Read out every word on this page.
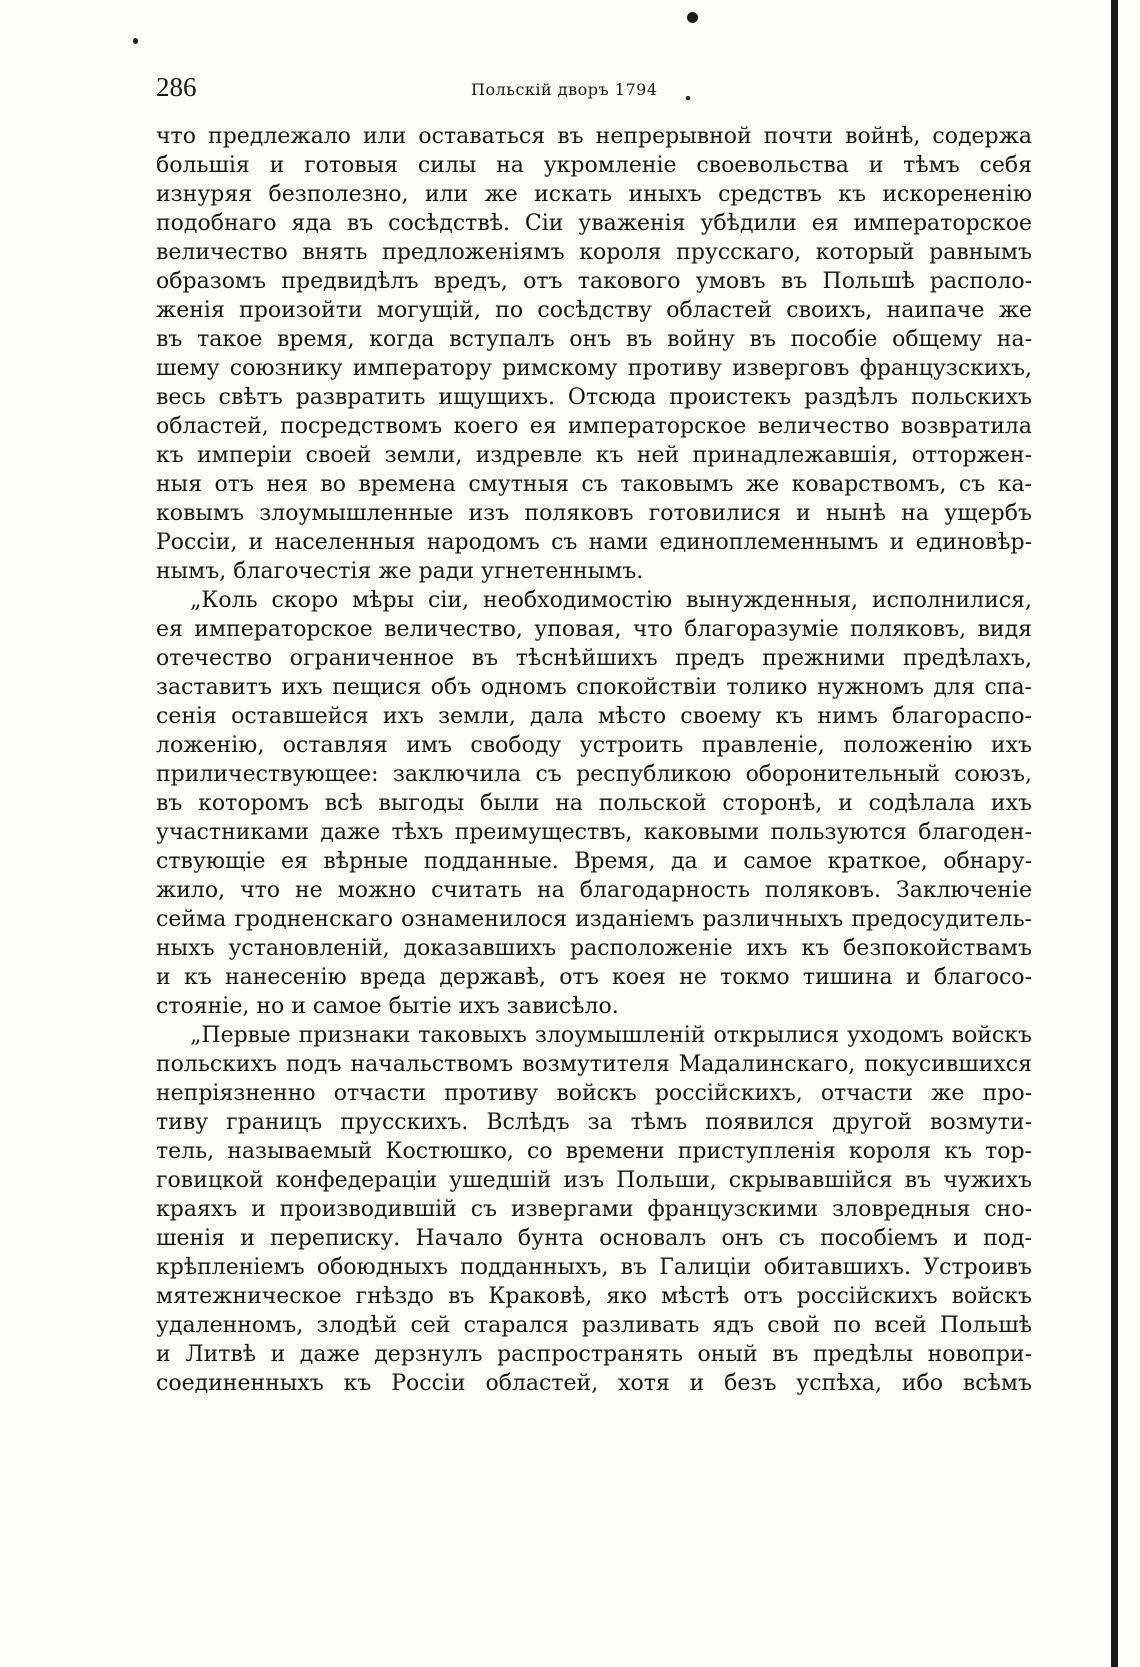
286	Польскій дворъ 1794

что предлежало или оставаться въ непрерывной почти войнѣ, содержа
большія и готовыя силы на укромленіе своевольства и тѣмъ себя
изнуряя безполезно, или же искать иныхъ средствъ къ искорененію
подобнаго яда въ сосѣдствѣ. Сіи уваженія убѣдили ея императорское
величество внять предложеніямъ короля прусскаго, который равнымъ
образомъ предвидѣлъ вредъ, отъ такового умовъ въ Польшѣ располо-
женія произойти могущій, по сосѣдству областей своихъ, наипаче же
въ такое время, когда вступалъ онъ въ войну въ пособіе общему на-
шему союзнику императору римскому противу изверговъ французскихъ,
весь свѣтъ развратить ищущихъ. Отсюда проистекъ раздѣлъ польскихъ
областей, посредствомъ коего ея императорское величество возвратила
къ имперіи своей земли, издревле къ ней принадлежавшія, отторжен-
ныя отъ нея во времена смутныя съ таковымъ же коварствомъ, съ ка-
ковымъ злоумышленные изъ поляковъ готовилися и нынѣ на ущербъ
Россіи, и населенныя народомъ съ нами единоплеменнымъ и единовѣр-
нымъ, благочестія же ради угнетеннымъ.

„Коль скоро мѣры сіи, необходимостію вынужденныя, исполнилися,
ея императорское величество, уповая, что благоразуміе поляковъ, видя
отечество ограниченное въ тѣснѣйшихъ предъ прежними предѣлахъ,
заставитъ ихъ пещися объ одномъ спокойствіи толико нужномъ для спа-
сенія оставшейся ихъ земли, дала мѣсто своему къ нимъ благораспо-
ложенію, оставляя имъ свободу устроить правленіе, положенію ихъ
приличествующее: заключила съ республикою оборонительный союзъ,
въ которомъ всѣ выгоды были на польской сторонѣ, и содѣлала ихъ
участниками даже тѣхъ преимуществъ, каковыми пользуются благоден-
ствующіе ея вѣрные подданные. Время, да и самое краткое, обнару-
жило, что не можно считать на благодарность поляковъ. Заключеніе
сейма гродненскаго ознаменилося изданіемъ различныхъ предосудитель-
ныхъ установленій, доказавшихъ расположеніе ихъ къ безпокойствамъ
и къ нанесенію вреда державѣ, отъ коея не токмо тишина и благосо-
стояніе, но и самое бытіе ихъ зависѣло.

„Первые признаки таковыхъ злоумышленій открылися уходомъ войскъ
польскихъ подъ начальствомъ возмутителя Мадалинскаго, покусившихся
непріязненно отчасти противу войскъ россійскихъ, отчасти же про-
тиву границъ прусскихъ. Вслѣдъ за тѣмъ появился другой возмути-
тель, называемый Костюшко, со времени приступленія короля къ тор-
говицкой конфедераціи ушедшій изъ Польши, скрывавшійся въ чужихъ
краяхъ и производившій съ извергами французскими зловредныя сно-
шенія и переписку. Начало бунта основалъ онъ съ пособіемъ и под-
крѣпленіемъ обоюдныхъ подданныхъ, въ Галиціи обитавшихъ. Устроивъ
мятежническое гнѣздо въ Краковѣ, яко мѣстѣ отъ россійскихъ войскъ
удаленномъ, злодѣй сей старался разливать ядъ свой по всей Польшѣ
и Литвѣ и даже дерзнулъ распространять оный въ предѣлы новопри-
соединенныхъ къ Россіи областей, хотя и безъ успѣха, ибо всѣмъ
